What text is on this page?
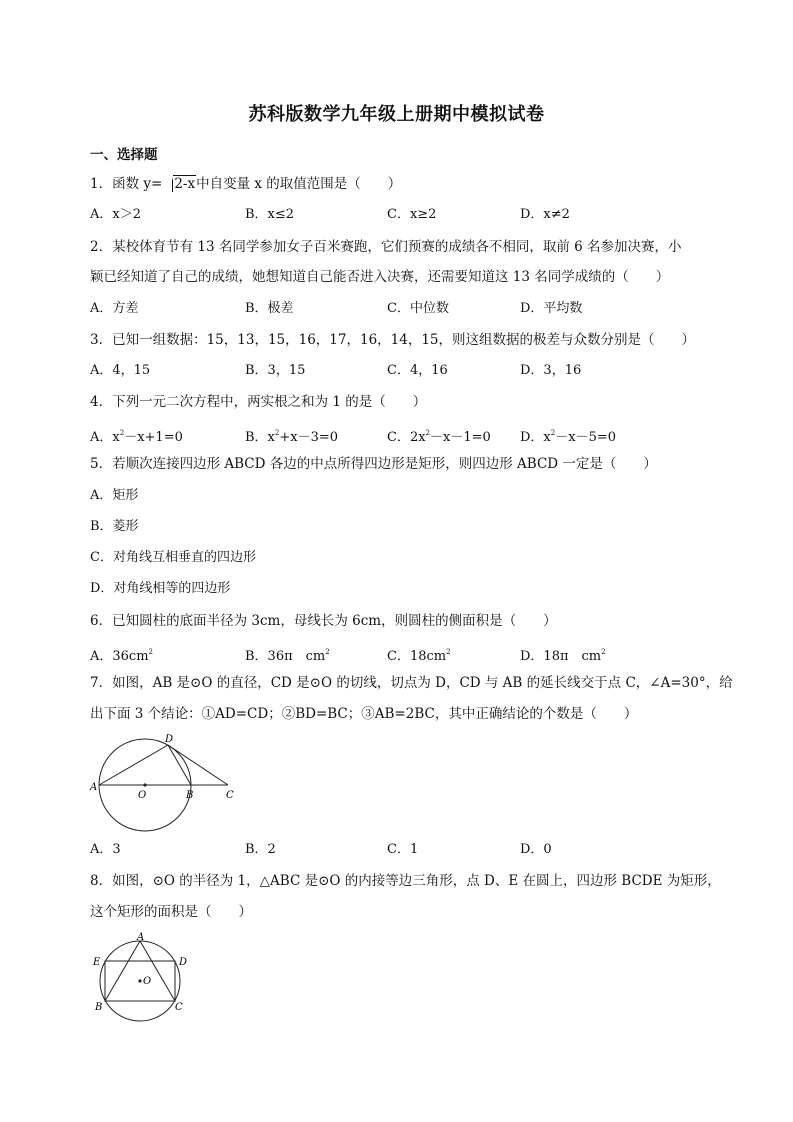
苏科版数学九年级上册期中模拟试卷
一、选择题
1．函数 y= 2-x中自变量 x 的取值范围是（　　）
A．x＞2	B．x≤2	C．x≥2	D．x≠2
2．某校体育节有 13 名同学参加女子百米赛跑，它们预赛的成绩各不相同，取前 6 名参加决赛，小
颖已经知道了自己的成绩，她想知道自己能否进入决赛，还需要知道这 13 名同学成绩的（　　）
A．方差	B．极差	C．中位数	D．平均数
3．已知一组数据：15，13，15，16，17，16，14，15，则这组数据的极差与众数分别是（　　）
A．4，15	B．3，15	C．4，16	D．3，16
4．下列一元二次方程中，两实根之和为 1 的是（　　）
A．$x^2-x+1=0$	B．$x^2+x-3=0$	C．$2x^2-x-1=0$ D．$x^2-x-5=0$
5．若顺次连接四边形 ABCD 各边的中点所得四边形是矩形，则四边形 ABCD 一定是（　　）
A．矩形
B．菱形
C．对角线互相垂直的四边形
D．对角线相等的四边形
6．已知圆柱的底面半径为 3cm，母线长为 6cm，则圆柱的侧面积是（　　）
A．$36cm^2$	B．36π　$cm^2$	C．$18cm^2$	D．18π　$cm^2$
7．如图，AB 是⊙O 的直径，CD 是⊙O 的切线，切点为 D，CD 与 AB 的延长线交于点 C，∠A=30°，给
出下面 3 个结论：①AD=CD；②BD=BC；③AB=2BC，其中正确结论的个数是（　　）
A
O	B	C
D
A．3	B．2	C．1	D．0
8．如图，⊙O 的半径为 1，△ABC 是⊙O 的内接等边三角形，点 D、E 在圆上，四边形 BCDE 为矩形，
这个矩形的面积是（　　）
A
E	D
O
B	C
